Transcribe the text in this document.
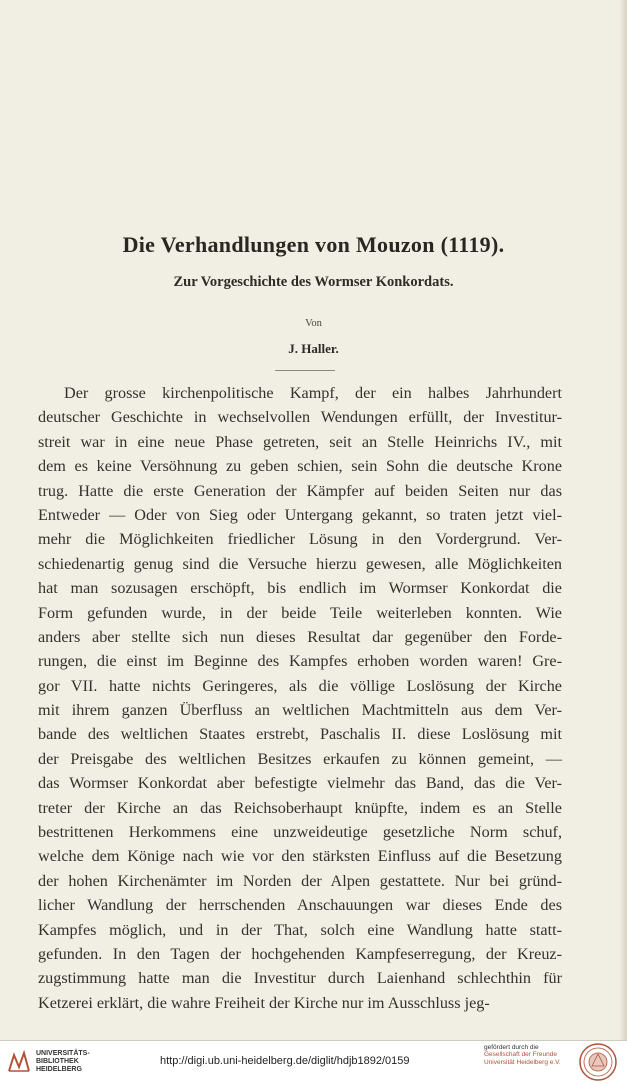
Die Verhandlungen von Mouzon (1119).
Zur Vorgeschichte des Wormser Konkordats.
Von
J. Haller.
Der grosse kirchenpolitische Kampf, der ein halbes Jahrhundert
deutscher Geschichte in wechselvollen Wendungen erfüllt, der Investitur-
streit war in eine neue Phase getreten, seit an Stelle Heinrichs IV., mit
dem es keine Versöhnung zu geben schien, sein Sohn die deutsche Krone
trug. Hatte die erste Generation der Kämpfer auf beiden Seiten nur das
Entweder — Oder von Sieg oder Untergang gekannt, so traten jetzt viel-
mehr die Möglichkeiten friedlicher Lösung in den Vordergrund. Ver-
schiedenartig genug sind die Versuche hierzu gewesen, alle Möglichkeiten
hat man sozusagen erschöpft, bis endlich im Wormser Konkordat die
Form gefunden wurde, in der beide Teile weiterleben konnten. Wie
anders aber stellte sich nun dieses Resultat dar gegenüber den Forde-
rungen, die einst im Beginne des Kampfes erhoben worden waren! Gre-
gor VII. hatte nichts Geringeres, als die völlige Loslösung der Kirche
mit ihrem ganzen Überfluss an weltlichen Machtmitteln aus dem Ver-
bande des weltlichen Staates erstrebt, Paschalis II. diese Loslösung mit
der Preisgabe des weltlichen Besitzes erkaufen zu können gemeint, —
das Wormser Konkordat aber befestigte vielmehr das Band, das die Ver-
treter der Kirche an das Reichsoberhaupt knüpfte, indem es an Stelle
bestrittenen Herkommens eine unzweideutige gesetzliche Norm schuf,
welche dem Könige nach wie vor den stärksten Einfluss auf die Besetzung
der hohen Kirchenämter im Norden der Alpen gestattete. Nur bei gründ-
licher Wandlung der herrschenden Anschauungen war dieses Ende des
Kampfes möglich, und in der That, solch eine Wandlung hatte statt-
gefunden. In den Tagen der hochgehenden Kampfeserregung, der Kreuz-
zugstimmung hatte man die Investitur durch Laienhand schlechthin für
Ketzerei erklärt, die wahre Freiheit der Kirche nur im Ausschluss jeg-
UNIVERSITÄTS-
BIBLIOTHEK
HEIDELBERG
http://digi.ub.uni-heidelberg.de/diglit/hdjb1892/0159
gefördert durch die
Gesellschaft der Freunde
Universität Heidelberg e.V.
